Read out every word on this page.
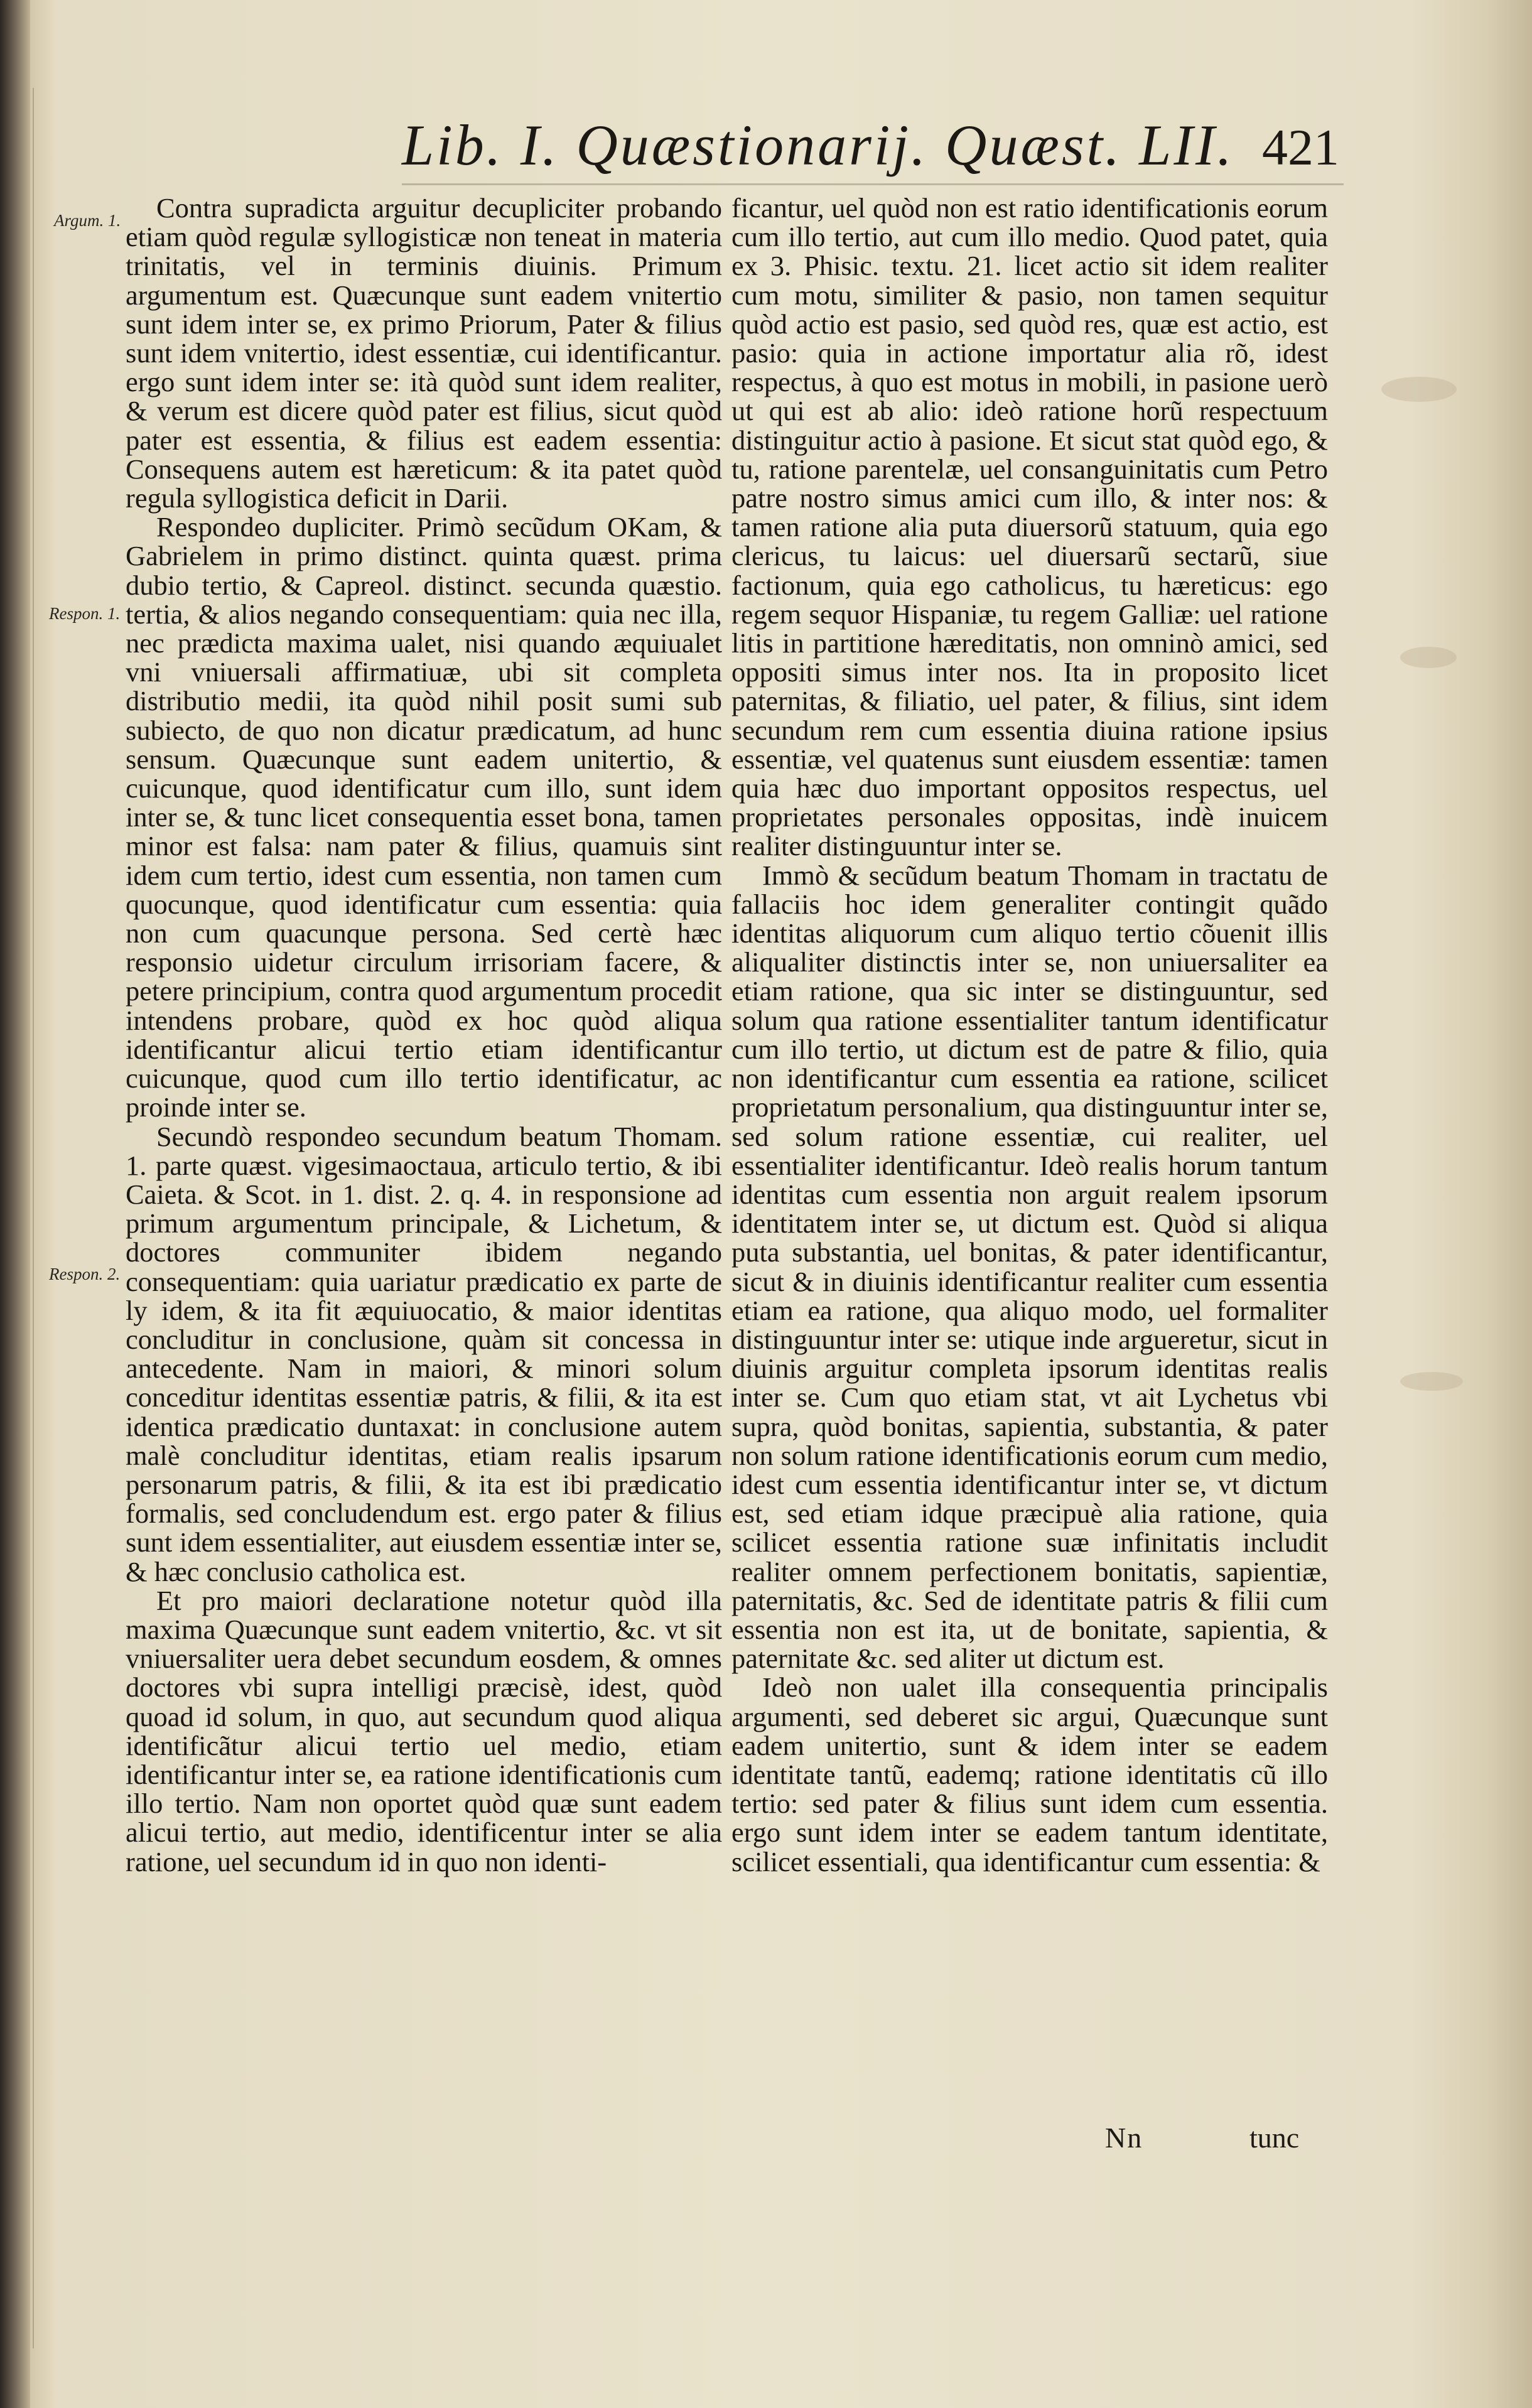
Lib. I. Quæstionarij. Quæst. LII. 421
Argum. 1.
Respon. 1.
Respon. 2.

Contra supradicta arguitur decupliciter probando etiam quòd regulæ syllogisticæ non teneat in materia trinitatis, vel in terminis diuinis. Primum argumentum est. Quæcunque sunt eadem vnitertio sunt idem inter se, ex primo Priorum, Pater & filius sunt idem vnitertio, idest essentiæ, cui identificantur. ergo sunt idem inter se: ità quòd sunt idem realiter, & verum est dicere quòd pater est filius, sicut quòd pater est essentia, & filius est eadem essentia: Consequens autem est hæreticum: & ita patet quòd regula syllogistica deficit in Darii.

Respondeo dupliciter. Primò secũdum OKam, & Gabrielem in primo distinct. quinta quæst. prima dubio tertio, & Capreol. distinct. secunda quæstio. tertia, & alios negando consequentiam: quia nec illa, nec prædicta maxima ualet, nisi quando æquiualet vni vniuersali affirmatiuæ, ubi sit completa distributio medii, ita quòd nihil posit sumi sub subiecto, de quo non dicatur prædicatum, ad hunc sensum. Quæcunque sunt eadem unitertio, & cuicunque, quod identificatur cum illo, sunt idem inter se, & tunc licet consequentia esset bona, tamen minor est falsa: nam pater & filius, quamuis sint idem cum tertio, idest cum essentia, non tamen cum quocunque, quod identificatur cum essentia: quia non cum quacunque persona. Sed certè hæc responsio uidetur circulum irrisoriam facere, & petere principium, contra quod argumentum procedit intendens probare, quòd ex hoc quòd aliqua identificantur alicui tertio etiam identificantur cuicunque, quod cum illo tertio identificatur, ac proinde inter se.

Secundò respondeo secundum beatum Thomam. 1. parte quæst. vigesimaoctaua, articulo tertio, & ibi Caieta. & Scot. in 1. dist. 2. q. 4. in responsione ad primum argumentum principale, & Lichetum, & doctores communiter ibidem negando consequentiam: quia uariatur prædicatio ex parte de ly idem, & ita fit æquiuocatio, & maior identitas concluditur in conclusione, quàm sit concessa in antecedente. Nam in maiori, & minori solum conceditur identitas essentiæ patris, & filii, & ita est identica prædicatio duntaxat: in conclusione autem malè concluditur identitas, etiam realis ipsarum personarum patris, & filii, & ita est ibi prædicatio formalis, sed concludendum est. ergo pater & filius sunt idem essentialiter, aut eiusdem essentiæ inter se, & hæc conclusio catholica est.

Et pro maiori declaratione notetur quòd illa maxima Quæcunque sunt eadem vnitertio, &c. vt sit vniuersaliter uera debet secundum eosdem, & omnes doctores vbi supra intelligi præcisè, idest, quòd quoad id solum, in quo, aut secundum quod aliqua identificãtur alicui tertio uel medio, etiam identificantur inter se, ea ratione identificationis cum illo tertio. Nam non oportet quòd quæ sunt eadem alicui tertio, aut medio, identificentur inter se alia ratione, uel secundum id in quo non identi-

ficantur, uel quòd non est ratio identificationis eorum cum illo tertio, aut cum illo medio. Quod patet, quia ex 3. Phisic. textu. 21. licet actio sit idem realiter cum motu, similiter & pasio, non tamen sequitur quòd actio est pasio, sed quòd res, quæ est actio, est pasio: quia in actione importatur alia rõ, idest respectus, à quo est motus in mobili, in pasione uerò ut qui est ab alio: ideò ratione horũ respectuum distinguitur actio à pasione. Et sicut stat quòd ego, & tu, ratione parentelæ, uel consanguinitatis cum Petro patre nostro simus amici cum illo, & inter nos: & tamen ratione alia puta diuersorũ statuum, quia ego clericus, tu laicus: uel diuersarũ sectarũ, siue factionum, quia ego catholicus, tu hæreticus: ego regem sequor Hispaniæ, tu regem Galliæ: uel ratione litis in partitione hæreditatis, non omninò amici, sed oppositi simus inter nos. Ita in proposito licet paternitas, & filiatio, uel pater, & filius, sint idem secundum rem cum essentia diuina ratione ipsius essentiæ, vel quatenus sunt eiusdem essentiæ: tamen quia hæc duo important oppositos respectus, uel proprietates personales oppositas, indè inuicem realiter distinguuntur inter se.

Immò & secũdum beatum Thomam in tractatu de fallaciis hoc idem generaliter contingit quãdo identitas aliquorum cum aliquo tertio cõuenit illis aliqualiter distinctis inter se, non uniuersaliter ea etiam ratione, qua sic inter se distinguuntur, sed solum qua ratione essentialiter tantum identificatur cum illo tertio, ut dictum est de patre & filio, quia non identificantur cum essentia ea ratione, scilicet proprietatum personalium, qua distinguuntur inter se, sed solum ratione essentiæ, cui realiter, uel essentialiter identificantur. Ideò realis horum tantum identitas cum essentia non arguit realem ipsorum identitatem inter se, ut dictum est. Quòd si aliqua puta substantia, uel bonitas, & pater identificantur, sicut & in diuinis identificantur realiter cum essentia etiam ea ratione, qua aliquo modo, uel formaliter distinguuntur inter se: utique inde argueretur, sicut in diuinis arguitur completa ipsorum identitas realis inter se. Cum quo etiam stat, vt ait Lychetus vbi supra, quòd bonitas, sapientia, substantia, & pater non solum ratione identificationis eorum cum medio, idest cum essentia identificantur inter se, vt dictum est, sed etiam idque præcipuè alia ratione, quia scilicet essentia ratione suæ infinitatis includit realiter omnem perfectionem bonitatis, sapientiæ, paternitatis, &c. Sed de identitate patris & filii cum essentia non est ita, ut de bonitate, sapientia, & paternitate &c. sed aliter ut dictum est.

Ideò non ualet illa consequentia principalis argumenti, sed deberet sic argui, Quæcunque sunt eadem unitertio, sunt & idem inter se eadem identitate tantũ, eademq; ratione identitatis cũ illo tertio: sed pater & filius sunt idem cum essentia. ergo sunt idem inter se eadem tantum identitate, scilicet essentiali, qua identificantur cum essentia: &

Nn	tunc
